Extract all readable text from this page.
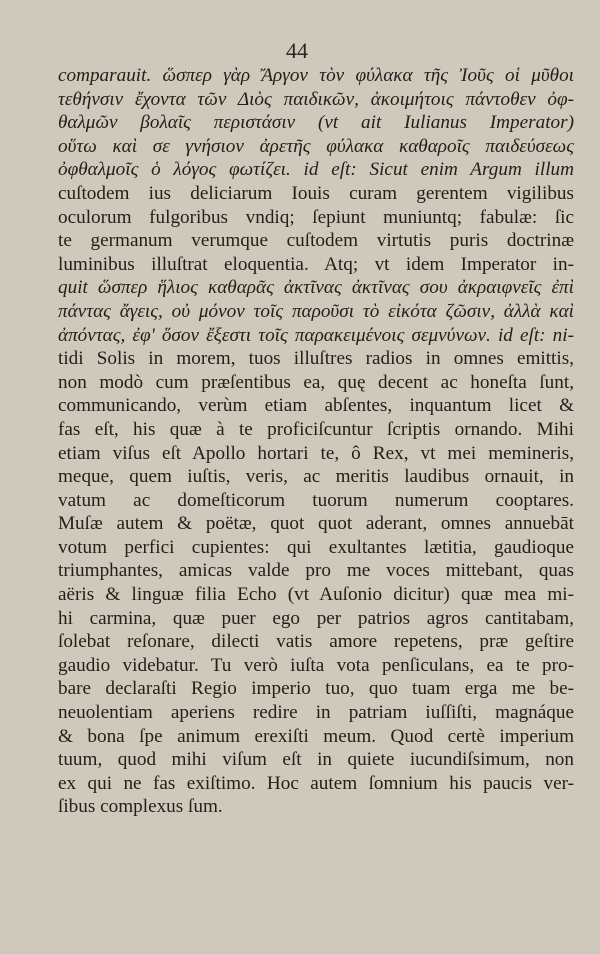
44
comparauit. ὥσπερ γὰρ Ἄργον τὸν φύλακα τῆς Ἰοῦς οἱ μῦθοι
τεθήνσιν ἔχοντα τῶν Διὸς παιδικῶν, ἀκοιμήτοις πάντοθεν ὀφ-
θαλμῶν βολαῖς περιστάσιν (vt ait Iulianus Imperator)
οὕτω καὶ σε γνήσιον ἀρετῆς φύλακα καθαροῖς παιδεύσεως
ὀφθαλμοῖς ὁ λόγος φωτίζει. id eſt: Sicut enim Argum illum
cuſtodem ius deliciarum Iouis curam gerentem vigilibus
oculorum fulgoribus vndiq; ſepiunt muniuntq; fabulæ: ſic
te germanum verumque cuſtodem virtutis puris doctrinæ
luminibus illuſtrat eloquentia. Atq; vt idem Imperator in-
quit ὥσπερ ἥλιος καθαρᾶς ἀκτῖνας ἀκτῖνας σου ἀκραιφνεῖς ἐπὶ
πάντας ἄγεις, οὐ μόνον τοῖς παροῦσι τὸ εἰκότα ζῶσιν, ἀλλὰ καὶ
ἀπόντας, ἐφ' ὅσον ἔξεστι τοῖς παρακειμένοις σεμνύνων. id eſt: ni-
tidi Solis in morem, tuos illuſtres radios in omnes emittis,
non modò cum præſentibus ea, quę decent ac honeſta ſunt,
communicando, verùm etiam abſentes, inquantum licet &
fas eſt, his quæ à te proficiſcuntur ſcriptis ornando. Mihi
etiam viſus eſt Apollo hortari te, ô Rex, vt mei memineris,
meque, quem iuſtis, veris, ac meritis laudibus ornauit, in
vatum ac domeſticorum tuorum numerum cooptares.
Muſæ autem & poëtæ, quot quot aderant, omnes annuebāt
votum perfici cupientes: qui exultantes lætitia, gaudioque
triumphantes, amicas valde pro me voces mittebant, quas
aëris & linguæ filia Echo (vt Auſonio dicitur) quæ mea mi-
hi carmina, quæ puer ego per patrios agros cantitabam,
ſolebat reſonare, dilecti vatis amore repetens, præ geſtire
gaudio videbatur. Tu verò iuſta vota penſiculans, ea te pro-
bare declaraſti Regio imperio tuo, quo tuam erga me be-
neuolentiam aperiens redire in patriam iuſſiſti, magnáque
& bona ſpe animum erexiſti meum. Quod certè imperium
tuum, quod mihi viſum eſt in quiete iucundiſsimum, non
ex qui ne fas exiſtimo. Hoc autem ſomnium his paucis ver-
ſibus complexus ſum.
